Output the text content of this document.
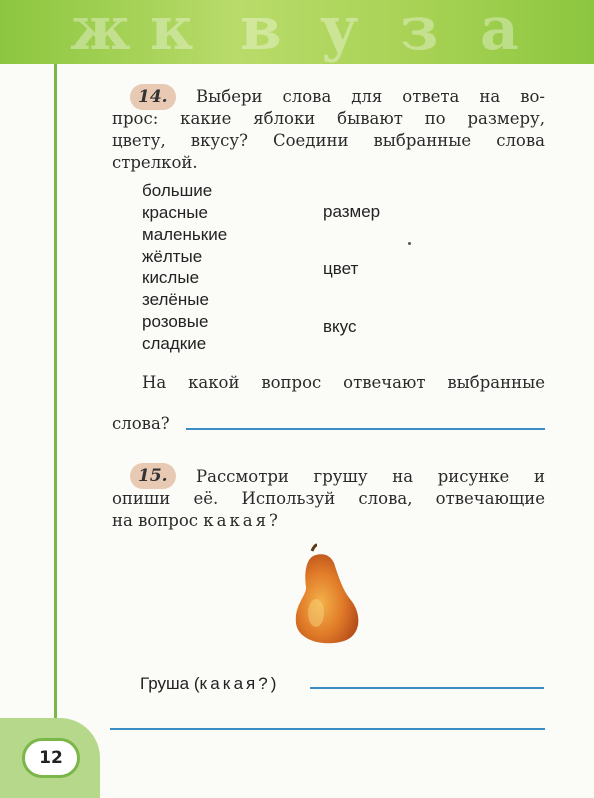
ж к в у з а
14.	Выбери слова для ответа на во-
прос: какие яблоки бывают по размеру,
цвету, вкусу? Соедини выбранные слова
стрелкой.
большие
красные
маленькие
жёлтые
кислые
зелёные
розовые
сладкие
размер
цвет
вкус
На какой вопрос отвечают выбранные
слова?
15.	Рассмотри грушу на рисунке и
опиши её. Используй слова, отвечающие
на вопрос какая?
Груша (какая?)
12
